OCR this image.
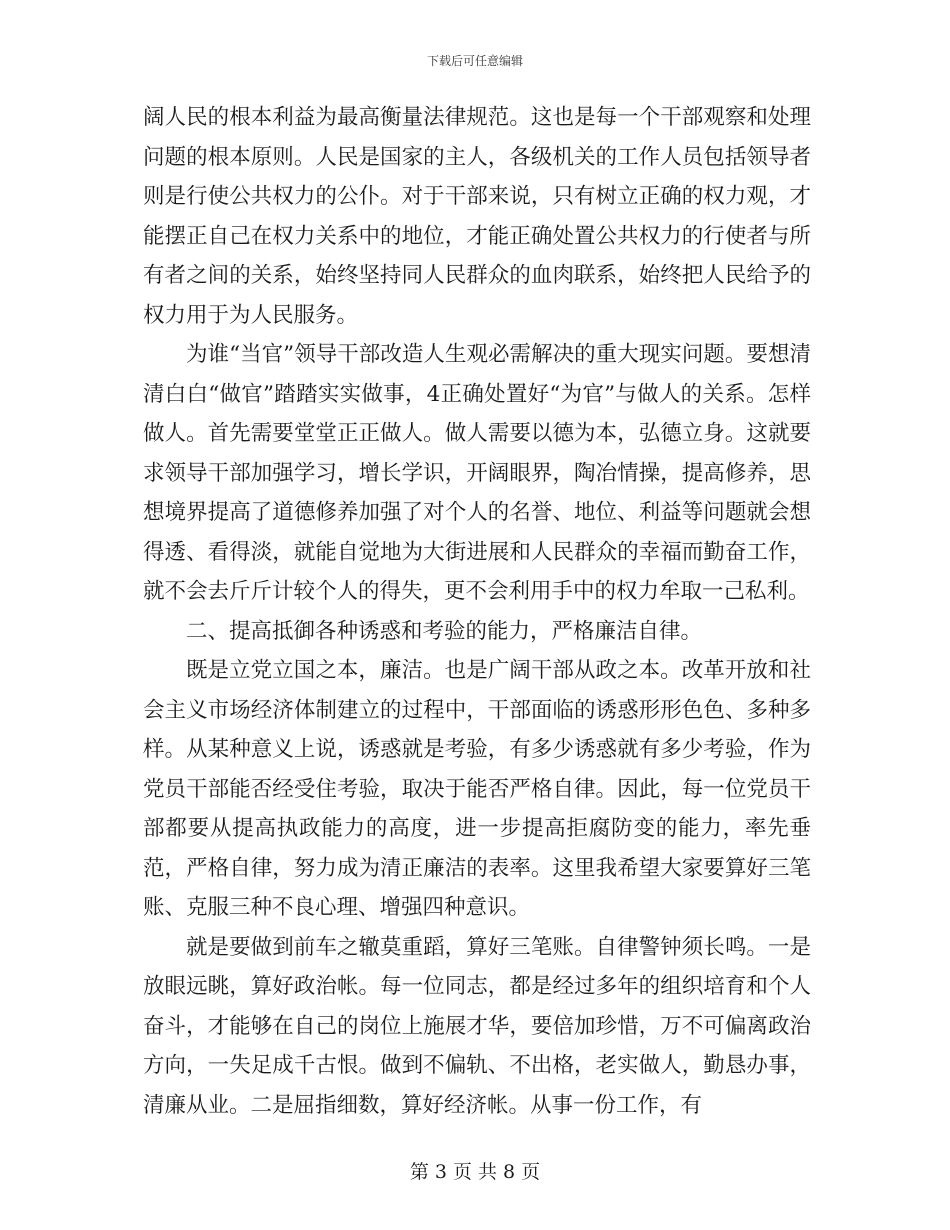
下载后可任意编辑

阔人民的根本利益为最高衡量法律规范。这也是每一个干部观察和处理问题的根本原则。人民是国家的主人，各级机关的工作人员包括领导者则是行使公共权力的公仆。对于干部来说，只有树立正确的权力观，才能摆正自己在权力关系中的地位，才能正确处置公共权力的行使者与所有者之间的关系，始终坚持同人民群众的血肉联系，始终把人民给予的权力用于为人民服务。

为谁“当官”领导干部改造人生观必需解决的重大现实问题。要想清清白白“做官”踏踏实实做事，4正确处置好“为官”与做人的关系。怎样做人。首先需要堂堂正正做人。做人需要以德为本，弘德立身。这就要求领导干部加强学习，增长学识，开阔眼界，陶冶情操，提高修养，思想境界提高了道德修养加强了对个人的名誉、地位、利益等问题就会想得透、看得淡，就能自觉地为大街进展和人民群众的幸福而勤奋工作，就不会去斤斤计较个人的得失，更不会利用手中的权力牟取一己私利。

二、提高抵御各种诱惑和考验的能力，严格廉洁自律。

既是立党立国之本，廉洁。也是广阔干部从政之本。改革开放和社会主义市场经济体制建立的过程中，干部面临的诱惑形形色色、多种多样。从某种意义上说，诱惑就是考验，有多少诱惑就有多少考验，作为党员干部能否经受住考验，取决于能否严格自律。因此，每一位党员干部都要从提高执政能力的高度，进一步提高拒腐防变的能力，率先垂范，严格自律，努力成为清正廉洁的表率。这里我希望大家要算好三笔账、克服三种不良心理、增强四种意识。

就是要做到前车之辙莫重蹈，算好三笔账。自律警钟须长鸣。一是放眼远眺，算好政治帐。每一位同志，都是经过多年的组织培育和个人奋斗，才能够在自己的岗位上施展才华，要倍加珍惜，万不可偏离政治方向，一失足成千古恨。做到不偏轨、不出格，老实做人，勤恳办事，清廉从业。二是屈指细数，算好经济帐。从事一份工作，有

第 3 页 共 8 页
